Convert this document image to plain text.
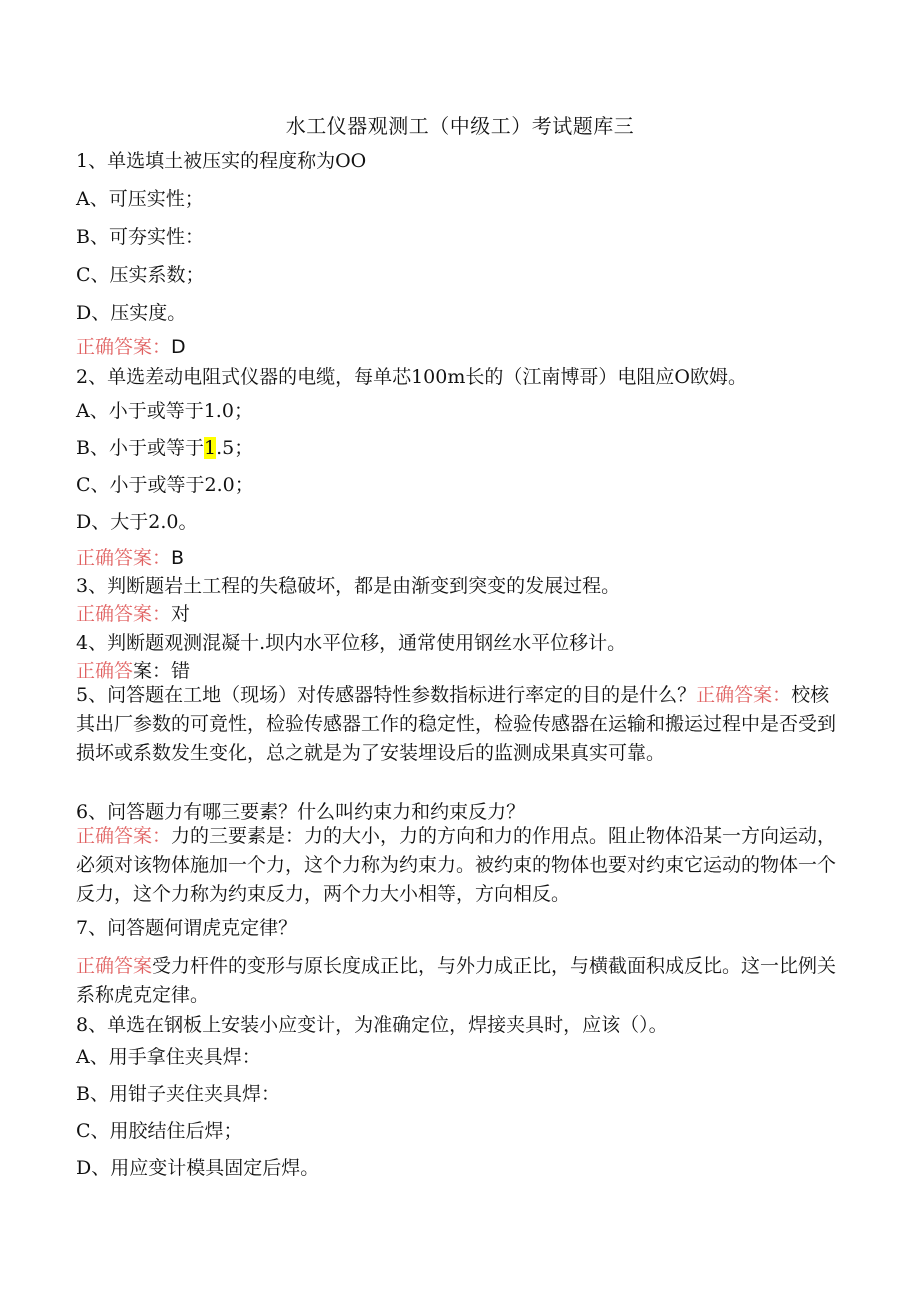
水工仪器观测工（中级工）考试题库三
1、单选填土被压实的程度称为OO
A、可压实性；
B、可夯实性：
C、压实系数；
D、压实度。
正确答案：D
2、单选差动电阻式仪器的电缆，每单芯100m长的（江南博哥）电阻应O欧姆。
A、小于或等于1.0；
B、小于或等于1.5；
C、小于或等于2.0；
D、大于2.0。
正确答案：B
3、判断题岩土工程的失稳破坏，都是由渐变到突变的发展过程。
正确答案：对
4、判断题观测混凝十.坝内水平位移，通常使用钢丝水平位移计。
正确答案：错
5、问答题在工地（现场）对传感器特性参数指标进行率定的目的是什么？正确答案：校核其出厂参数的可竟性，检验传感器工作的稳定性，检验传感器在运输和搬运过程中是否受到损坏或系数发生变化，总之就是为了安装埋设后的监测成果真实可靠。
6、问答题力有哪三要素？什么叫约束力和约束反力？
正确答案：力的三要素是：力的大小，力的方向和力的作用点。阻止物体沿某一方向运动，必须对该物体施加一个力，这个力称为约束力。被约束的物体也要对约束它运动的物体一个反力，这个力称为约束反力，两个力大小相等，方向相反。
7、问答题何谓虎克定律？
正确答案受力杆件的变形与原长度成正比，与外力成正比，与横截面积成反比。这一比例关系称虎克定律。
8、单选在钢板上安装小应变计，为准确定位，焊接夹具时，应该（）。
A、用手拿住夹具焊：
B、用钳子夹住夹具焊：
C、用胶结住后焊；
D、用应变计模具固定后焊。
